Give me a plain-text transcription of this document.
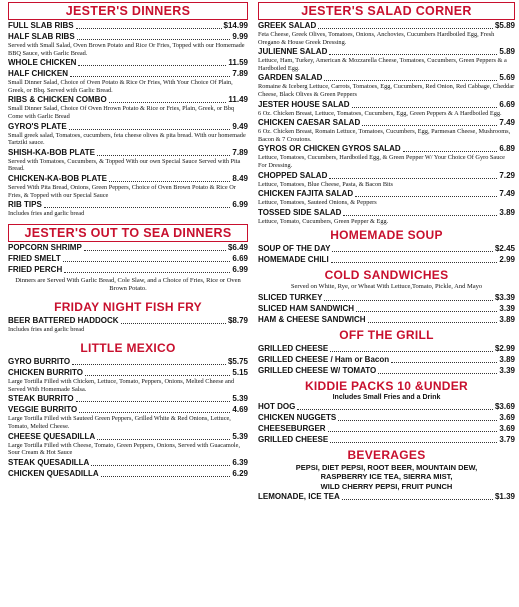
JESTER'S DINNERS
FULL SLAB RIBS	$14.99
HALF SLAB RIBS	9.99
Served with Small Salad, Oven Brown Potato and Rice Or Fries, Topped with our Homemade BBQ Sauce, with Garlic Bread.
WHOLE CHICKEN	11.59
HALF CHICKEN	7.89
Small Dinner Salad, Choice of Oven Potato & Rice Or Fries, With Your Choice Of Plain, Greek, or Bbq. Served with Garlic Bread.
RIBS & CHICKEN COMBO	11.49
Small Dinner Salad, Choice Of Oven Hrown Potato & Rice or Fries, Plain, Greek, or Bbq Come with Garlic Bread
GYRO'S PLATE	9.49
Small greek salad, Tomatoes, cucumbers, feta cheese olives & pita bread. With our homemade Tartziki sauce.
SHISH-KA-BOB PLATE	7.89
Served with Tomatoes, Cucumbers, & Topped With our own Special Sauce Served with Pita Bread.
CHICKEN-KA-BOB PLATE	8.49
Served With Pita Bread, Onions, Green Peppers, Choice of Oven Brown Potato & Rice Or Fries, & Topped with our Special Sauce
RIB TIPS	6.99
Includes fries and garlic bread
JESTER'S OUT TO SEA DINNERS
POPCORN SHRIMP	$6.49
FRIED SMELT	6.69
FRIED PERCH	6.99
Dinners are Served With Garlic Bread, Cole Slaw, and a Choice of Fries, Rice or Oven Brown Potato.
FRIDAY NIGHT FISH FRY
BEER BATTERED HADDOCK	$8.79
Includes fries and garlic bread
LITTLE MEXICO
GYRO BURRITO	$5.75
CHICKEN BURRITO	5.15
Large Tortilla Filled with Chicken, Lettuce, Tomato, Peppers, Onions, Melted Cheese and Served With Homemade Salsa.
STEAK BURRITO	5.39
VEGGIE BURRITO	4.69
Large Tortilla Filled with Sauteed Green Peppers, Grilled White & Red Onions, Lettuce, Tomato, Melted Cheese.
CHEESE QUESADILLA	5.39
Large Tortilla Filled with Cheese, Tomato, Green Peppers, Onions, Served with Guacamole, Sour Cream & Hot Sauce
STEAK QUESADILLA	6.39
CHICKEN QUESADILLA	6.29
JESTER'S SALAD CORNER
GREEK SALAD	$5.89
Feta Cheese, Greek Olives, Tomatoes, Onions, Anchovies, Cucumbers Hardboiled Egg, Fresh Oregano & House Greek Dressing.
JULIENNE SALAD	5.89
Lettuce, Ham, Turkey, American & Mozzarella Cheese, Tomatoes, Cucumbers, Green Peppers & a Hardboiled Egg.
GARDEN SALAD	5.69
Romaine & Iceberg Lettuce, Carrots, Tomatoes, Egg, Cucumbers, Red Onion, Red Cabbage, Cheddar Cheese, Black Olives & Green Peppers
JESTER HOUSE SALAD	6.69
6 Oz. Chicken Breast, Lettuce, Tomatoes, Cucumbers, Egg, Green Peppers & A Hardboiled Egg.
CHICKEN CAESAR SALAD	7.49
6 Oz. Chicken Breast, Romain Lettuce, Tomatoes, Cucumbers, Egg, Parmesan Cheese, Mushrooms, Bacon & 7 Croutons.
GYROS OR CHICKEN GYROS SALAD	6.89
Lettuce, Tomatoes, Cucumbers, Hardboiled Egg, & Green Pepper W/ Your Choice Of Gyro Sauce For Dressing.
CHOPPED SALAD	7.29
Lettuce, Tomatoes, Blue Cheese, Pasta, & Bacon Bits
CHICKEN FAJITA SALAD	7.49
Lettuce, Tomatoes, Sauteed Onions, & Peppers
TOSSED SIDE SALAD	3.89
Lettuce, Tomato, Cucumbers, Green Pepper & Egg.
HOMEMADE SOUP
SOUP OF THE DAY	$2.45
HOMEMADE CHILI	2.99
COLD SANDWICHES
Served on White, Rye, or Wheat With Lettuce,Tomato, Pickle, And Mayo
SLICED TURKEY	$3.39
SLICED HAM SANDWICH	3.39
HAM & CHEESE SANDWICH	3.89
OFF THE GRILL
GRILLED CHEESE	$2.99
GRILLED CHEESE / Ham or Bacon	3.89
GRILLED CHEESE W/ TOMATO	3.39
KIDDIE PACKS 10 &UNDER
Includes Small Fries and a Drink
HOT DOG	$3.69
CHICKEN NUGGETS	3.69
CHEESEBURGER	3.69
GRILLED CHEESE	3.79
BEVERAGES
PEPSI, DIET PEPSI, ROOT BEER, MOUNTAIN DEW,
RASPBERRY ICE TEA, SIERRA MIST,
WILD CHERRY PEPSI, FRUIT PUNCH
LEMONADE, ICE TEA	$1.39
